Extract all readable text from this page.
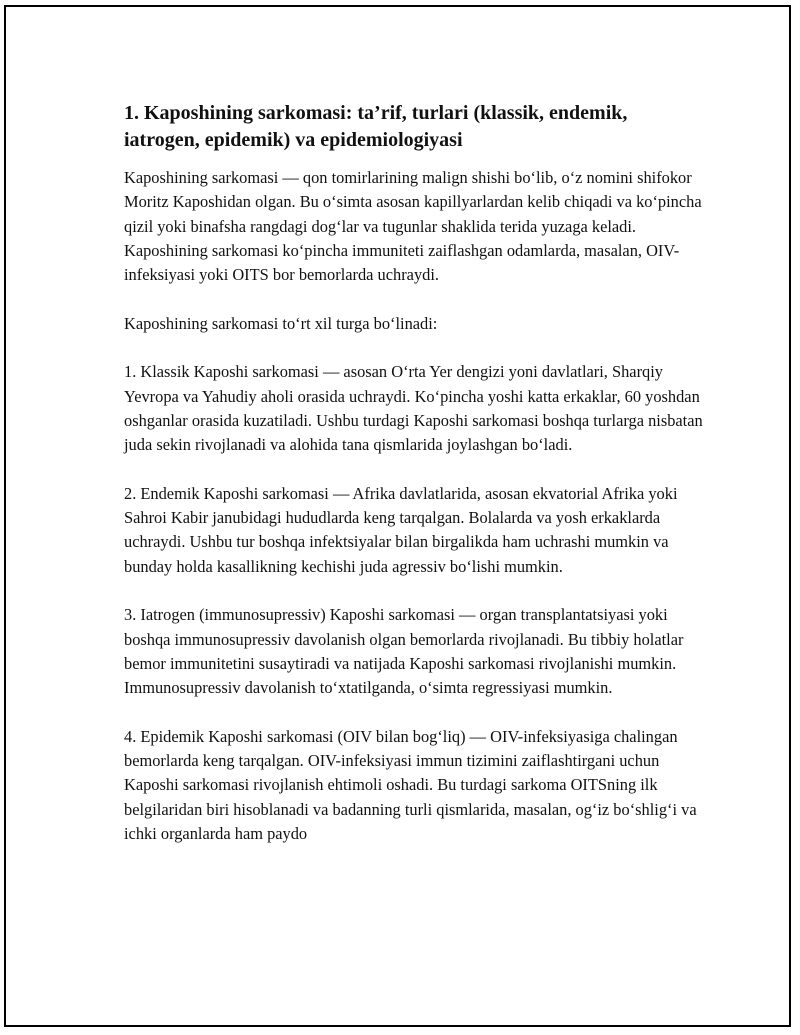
1. Kaposhining sarkomasi: ta’rif, turlari (klassik, endemik, iatrogen, epidemik) va epidemiologiyasi

Kaposhining sarkomasi — qon tomirlarining malign shishi bo‘lib, o‘z nomini shifokor Moritz Kaposhidan olgan. Bu o‘simta asosan kapillyarlardan kelib chiqadi va ko‘pincha qizil yoki binafsha rangdagi dog‘lar va tugunlar shaklida terida yuzaga keladi. Kaposhining sarkomasi ko‘pincha immuniteti zaiflashgan odamlarda, masalan, OIV-infeksiyasi yoki OITS bor bemorlarda uchraydi.

Kaposhining sarkomasi to‘rt xil turga bo‘linadi:

1. Klassik Kaposhi sarkomasi — asosan O‘rta Yer dengizi yoni davlatlari, Sharqiy Yevropa va Yahudiy aholi orasida uchraydi. Ko‘pincha yoshi katta erkaklar, 60 yoshdan oshganlar orasida kuzatiladi. Ushbu turdagi Kaposhi sarkomasi boshqa turlarga nisbatan juda sekin rivojlanadi va alohida tana qismlarida joylashgan bo‘ladi.

2. Endemik Kaposhi sarkomasi — Afrika davlatlarida, asosan ekvatorial Afrika yoki Sahroi Kabir janubidagi hududlarda keng tarqalgan. Bolalarda va yosh erkaklarda uchraydi. Ushbu tur boshqa infektsiyalar bilan birgalikda ham uchrashi mumkin va bunday holda kasallikning kechishi juda agressiv bo‘lishi mumkin.

3. Iatrogen (immunosupressiv) Kaposhi sarkomasi — organ transplantatsiyasi yoki boshqa immunosupressiv davolanish olgan bemorlarda rivojlanadi. Bu tibbiy holatlar bemor immunitetini susaytiradi va natijada Kaposhi sarkomasi rivojlanishi mumkin. Immunosupressiv davolanish to‘xtatilganda, o‘simta regressiyasi mumkin.

4. Epidemik Kaposhi sarkomasi (OIV bilan bog‘liq) — OIV-infeksiyasiga chalingan bemorlarda keng tarqalgan. OIV-infeksiyasi immun tizimini zaiflashtirgani uchun Kaposhi sarkomasi rivojlanish ehtimoli oshadi. Bu turdagi sarkoma OITSning ilk belgilaridan biri hisoblanadi va badanning turli qismlarida, masalan, og‘iz bo‘shlig‘i va ichki organlarda ham paydo
